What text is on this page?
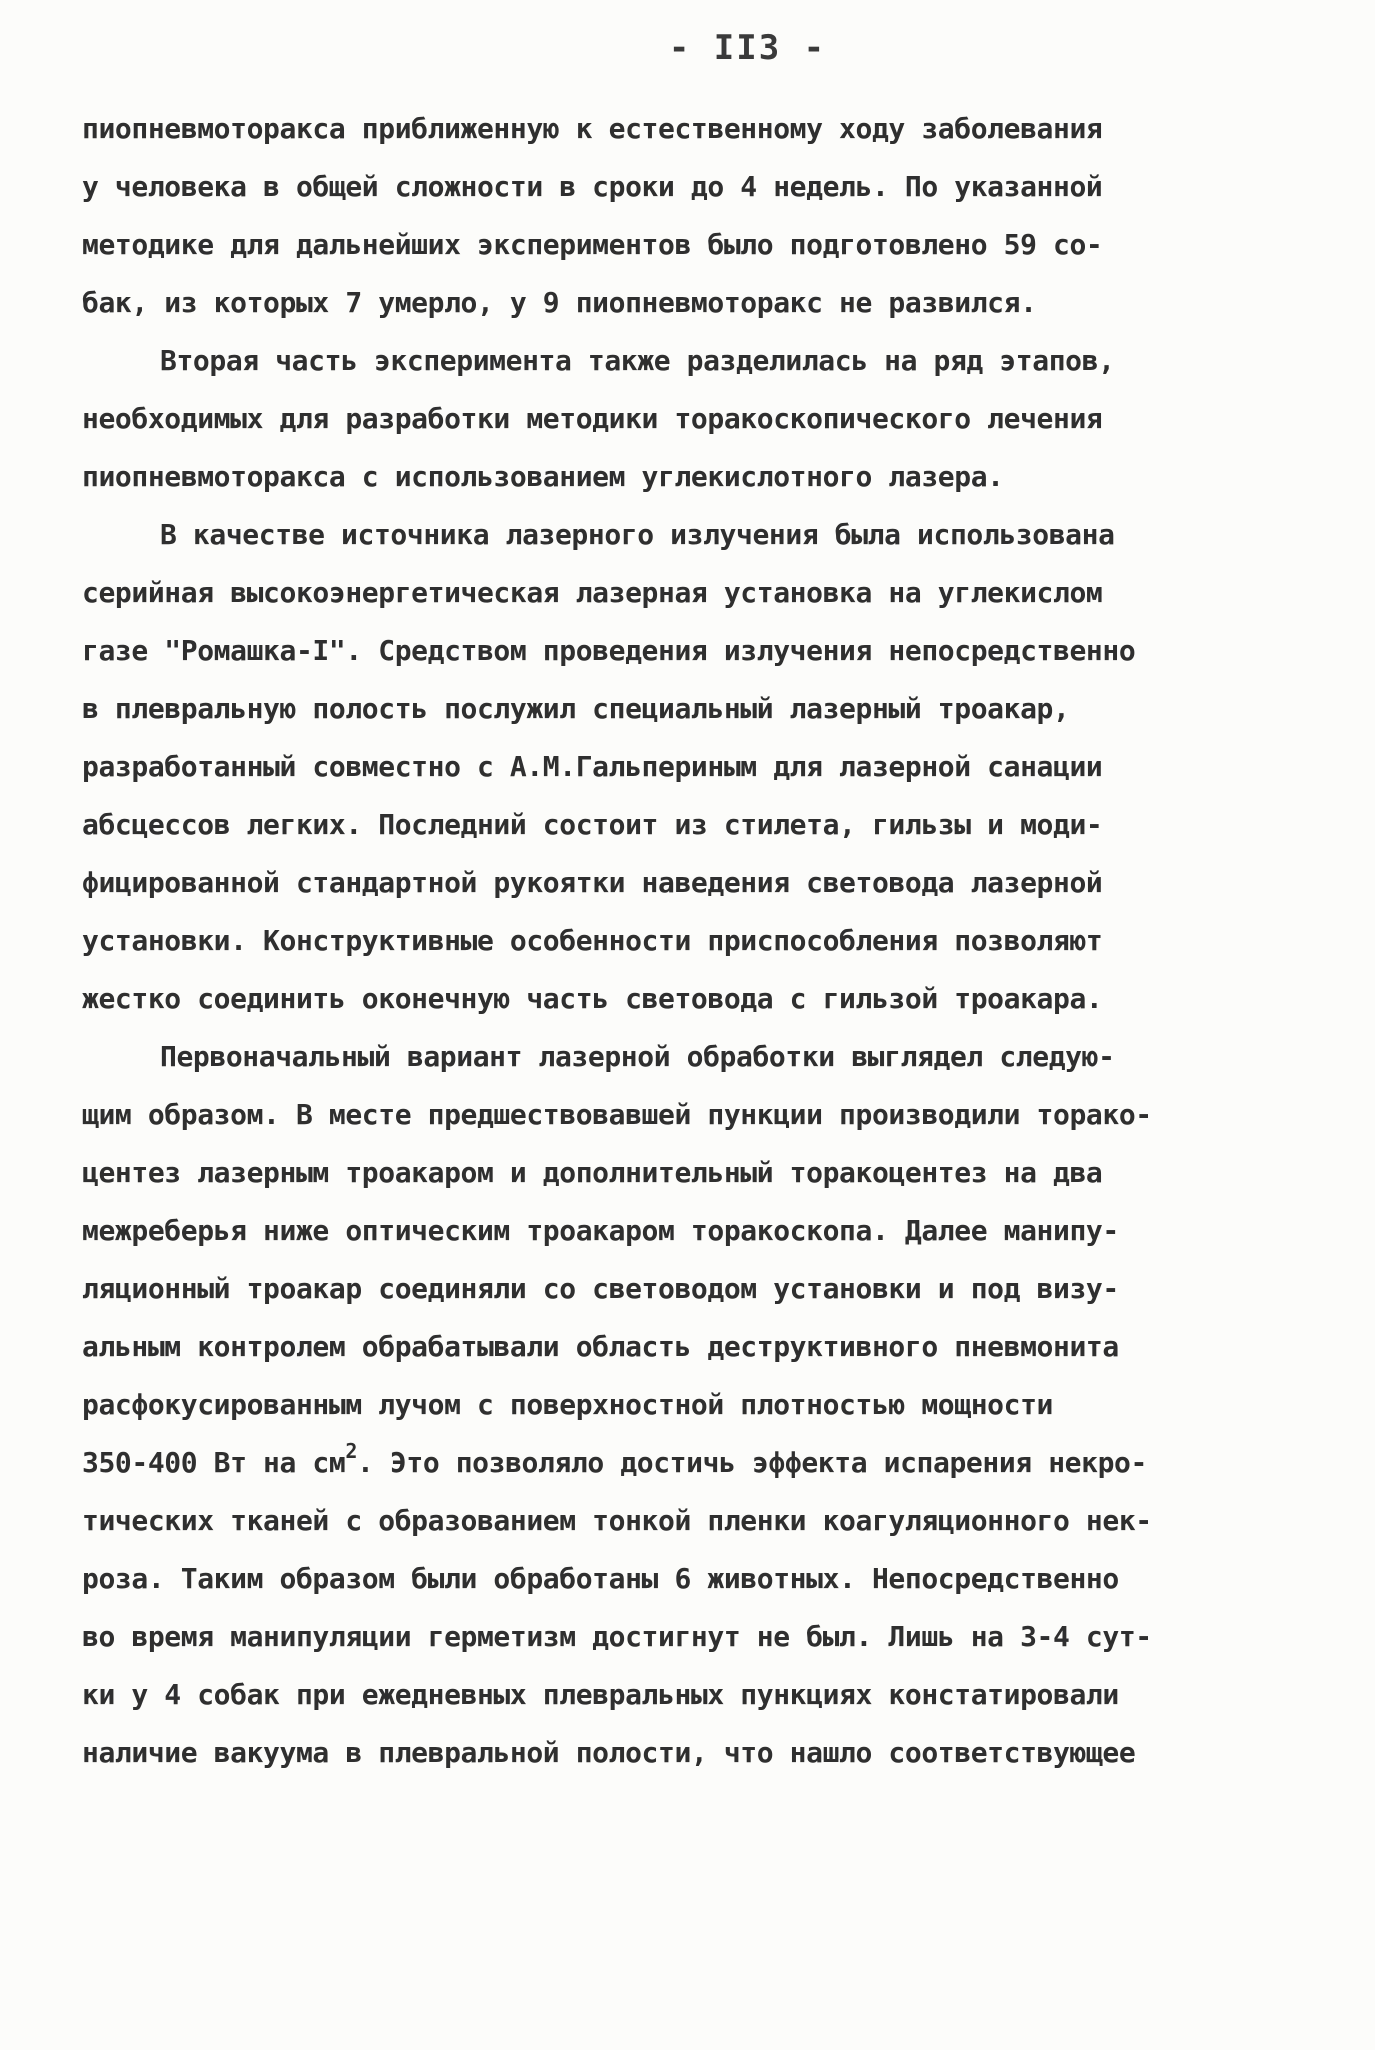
- II3 -
пиопневмоторакса приближенную к естественному ходу заболевания
у человека в общей сложности в сроки до 4 недель. По указанной
методике для дальнейших экспериментов было подготовлено 59 со-
бак, из которых 7 умерло, у 9 пиопневмоторакс не развился.
Вторая часть эксперимента также разделилась на ряд этапов,
необходимых для разработки методики торакоскопического лечения
пиопневмоторакса с использованием углекислотного лазера.
В качестве источника лазерного излучения была использована
серийная высокоэнергетическая лазерная установка на углекислом
газе "Ромашка-I". Средством проведения излучения непосредственно
в плевральную полость послужил специальный лазерный троакар,
разработанный совместно с А.М.Гальпериным для лазерной санации
абсцессов легких. Последний состоит из стилета, гильзы и моди-
фицированной стандартной рукоятки наведения световода лазерной
установки. Конструктивные особенности приспособления позволяют
жестко соединить оконечную часть световода с гильзой троакара.
Первоначальный вариант лазерной обработки выглядел следую-
щим образом. В месте предшествовавшей пункции производили торако-
центез лазерным троакаром и дополнительный торакоцентез на два
межреберья ниже оптическим троакаром торакоскопа. Далее манипу-
ляционный троакар соединяли со световодом установки и под визу-
альным контролем обрабатывали область деструктивного пневмонита
расфокусированным лучом с поверхностной плотностью мощности
350-400 Вт на $см^2$. Это позволяло достичь эффекта испарения некро-
тических тканей с образованием тонкой пленки коагуляционного нек-
роза. Таким образом были обработаны 6 животных. Непосредственно
во время манипуляции герметизм достигнут не был. Лишь на 3-4 сут-
ки у 4 собак при ежедневных плевральных пункциях констатировали
наличие вакуума в плевральной полости, что нашло соответствующее
